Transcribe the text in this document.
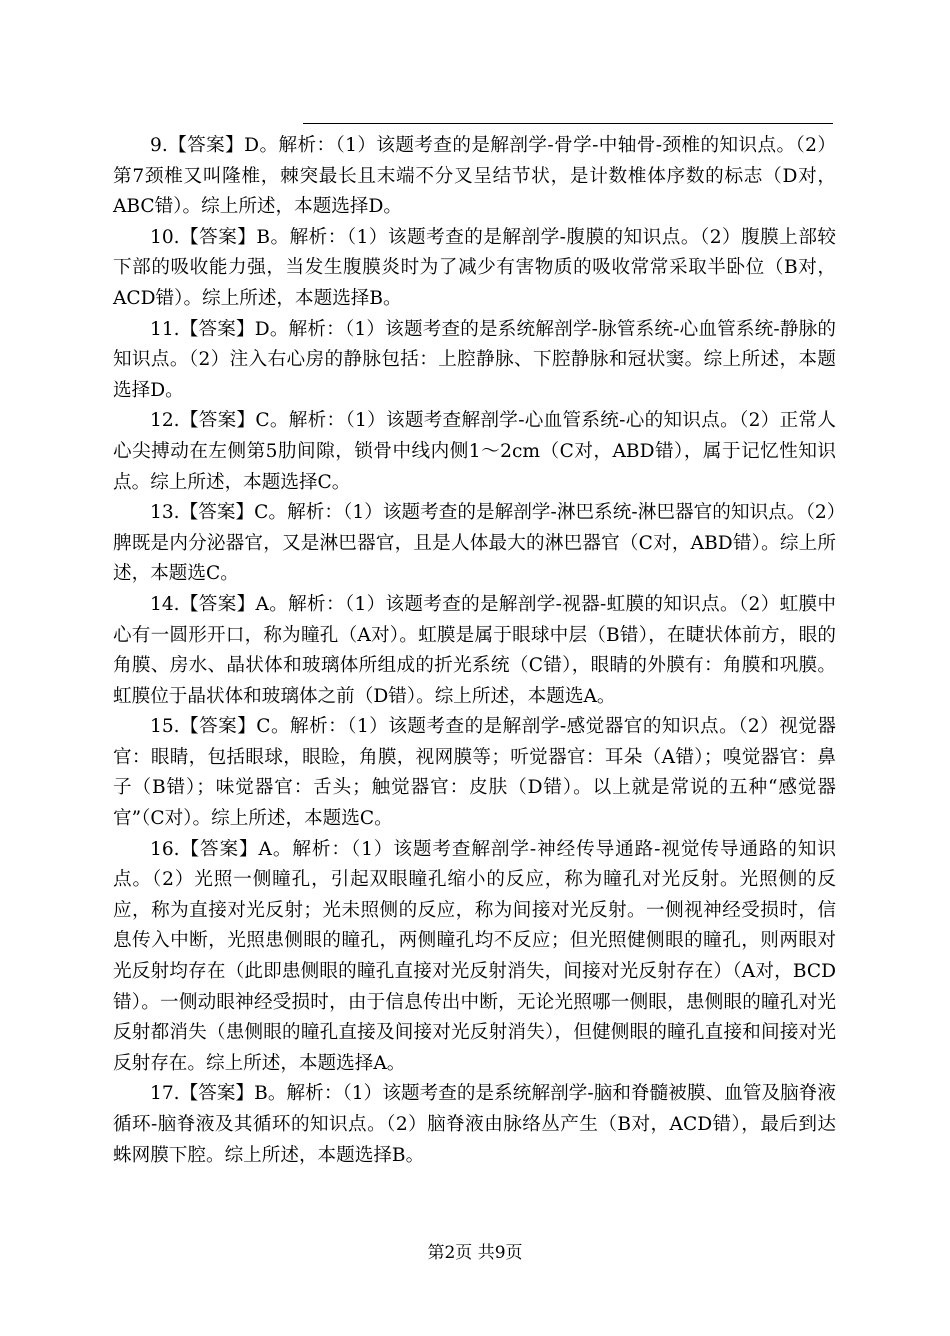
9.【答案】D。解析：（1）该题考查的是解剖学-骨学-中轴骨-颈椎的知识点。（2）第7颈椎又叫隆椎，棘突最长且末端不分叉呈结节状，是计数椎体序数的标志（D对，ABC错）。综上所述，本题选择D。

10.【答案】B。解析：（1）该题考查的是解剖学-腹膜的知识点。（2）腹膜上部较下部的吸收能力强，当发生腹膜炎时为了减少有害物质的吸收常常采取半卧位（B对，ACD错）。综上所述，本题选择B。

11.【答案】D。解析：（1）该题考查的是系统解剖学-脉管系统-心血管系统-静脉的知识点。（2）注入右心房的静脉包括：上腔静脉、下腔静脉和冠状窦。综上所述，本题选择D。

12.【答案】C。解析：（1）该题考查解剖学-心血管系统-心的知识点。（2）正常人心尖搏动在左侧第5肋间隙，锁骨中线内侧1～2cm（C对，ABD错），属于记忆性知识点。综上所述，本题选择C。

13.【答案】C。解析：（1）该题考查的是解剖学-淋巴系统-淋巴器官的知识点。（2）脾既是内分泌器官，又是淋巴器官，且是人体最大的淋巴器官（C对，ABD错）。综上所述，本题选C。

14.【答案】A。解析：（1）该题考查的是解剖学-视器-虹膜的知识点。（2）虹膜中心有一圆形开口，称为瞳孔（A对）。虹膜是属于眼球中层（B错），在睫状体前方，眼的角膜、房水、晶状体和玻璃体所组成的折光系统（C错），眼睛的外膜有：角膜和巩膜。虹膜位于晶状体和玻璃体之前（D错）。综上所述，本题选A。

15.【答案】C。解析：（1）该题考查的是解剖学-感觉器官的知识点。（2）视觉器官：眼睛，包括眼球，眼睑，角膜，视网膜等；听觉器官：耳朵（A错）；嗅觉器官：鼻子（B错）；味觉器官：舌头；触觉器官：皮肤（D错）。以上就是常说的五种“感觉器官”（C对）。综上所述，本题选C。

16.【答案】A。解析：（1）该题考查解剖学-神经传导通路-视觉传导通路的知识点。（2）光照一侧瞳孔，引起双眼瞳孔缩小的反应，称为瞳孔对光反射。光照侧的反应，称为直接对光反射；光未照侧的反应，称为间接对光反射。一侧视神经受损时，信息传入中断，光照患侧眼的瞳孔，两侧瞳孔均不反应；但光照健侧眼的瞳孔，则两眼对光反射均存在（此即患侧眼的瞳孔直接对光反射消失，间接对光反射存在）（A对，BCD错）。一侧动眼神经受损时，由于信息传出中断，无论光照哪一侧眼，患侧眼的瞳孔对光反射都消失（患侧眼的瞳孔直接及间接对光反射消失），但健侧眼的瞳孔直接和间接对光反射存在。综上所述，本题选择A。

17.【答案】B。解析：（1）该题考查的是系统解剖学-脑和脊髓被膜、血管及脑脊液循环-脑脊液及其循环的知识点。（2）脑脊液由脉络丛产生（B对，ACD错），最后到达蛛网膜下腔。综上所述，本题选择B。

第2页 共9页
